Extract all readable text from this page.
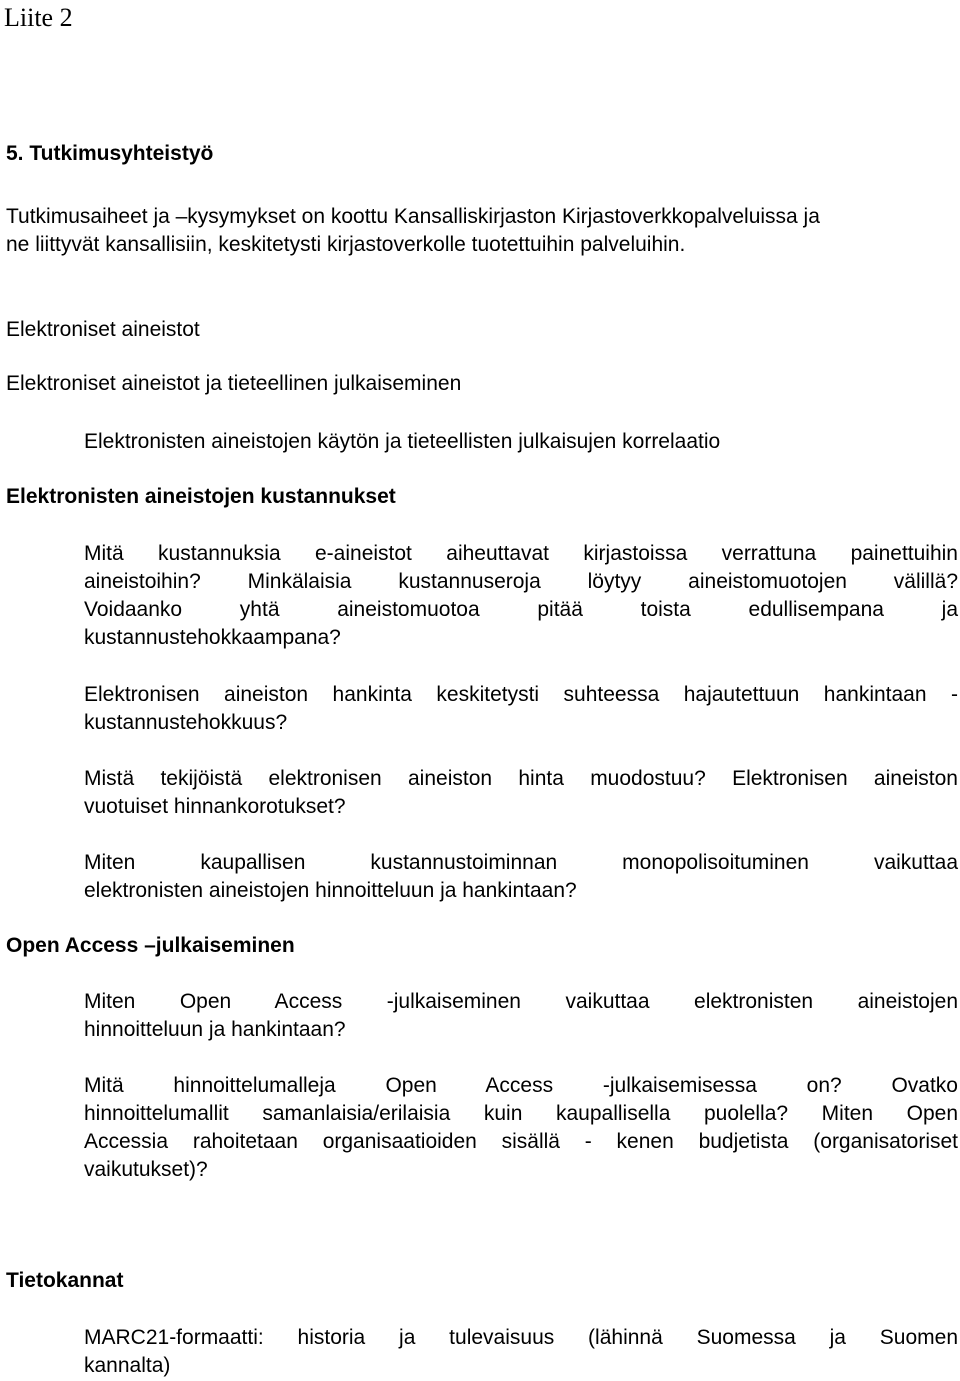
Liite 2
5. Tutkimusyhteistyö
Tutkimusaiheet ja –kysymykset on koottu Kansalliskirjaston Kirjastoverkkopalveluissa ja
ne liittyvät kansallisiin, keskitetysti kirjastoverkolle tuotettuihin palveluihin.
Elektroniset aineistot
Elektroniset aineistot ja tieteellinen julkaiseminen
Elektronisten aineistojen käytön ja tieteellisten julkaisujen korrelaatio
Elektronisten aineistojen kustannukset
Mitä kustannuksia e-aineistot aiheuttavat kirjastoissa verrattuna painettuihin
aineistoihin? Minkälaisia kustannuseroja löytyy aineistomuotojen välillä?
Voidaanko yhtä aineistomuotoa pitää toista edullisempana ja
kustannustehokkaampana?
Elektronisen aineiston hankinta keskitetysti suhteessa hajautettuun hankintaan -
kustannustehokkuus?
Mistä tekijöistä elektronisen aineiston hinta muodostuu? Elektronisen aineiston
vuotuiset hinnankorotukset?
Miten kaupallisen kustannustoiminnan monopolisoituminen vaikuttaa
elektronisten aineistojen hinnoitteluun ja hankintaan?
Open Access –julkaiseminen
Miten Open Access -julkaiseminen vaikuttaa elektronisten aineistojen
hinnoitteluun ja hankintaan?
Mitä hinnoittelumalleja Open Access -julkaisemisessa on? Ovatko
hinnoittelumallit samanlaisia/erilaisia kuin kaupallisella puolella? Miten Open
Accessia rahoitetaan organisaatioiden sisällä - kenen budjetista (organisatoriset
vaikutukset)?
Tietokannat
MARC21-formaatti: historia ja tulevaisuus (lähinnä Suomessa ja Suomen
kannalta)
